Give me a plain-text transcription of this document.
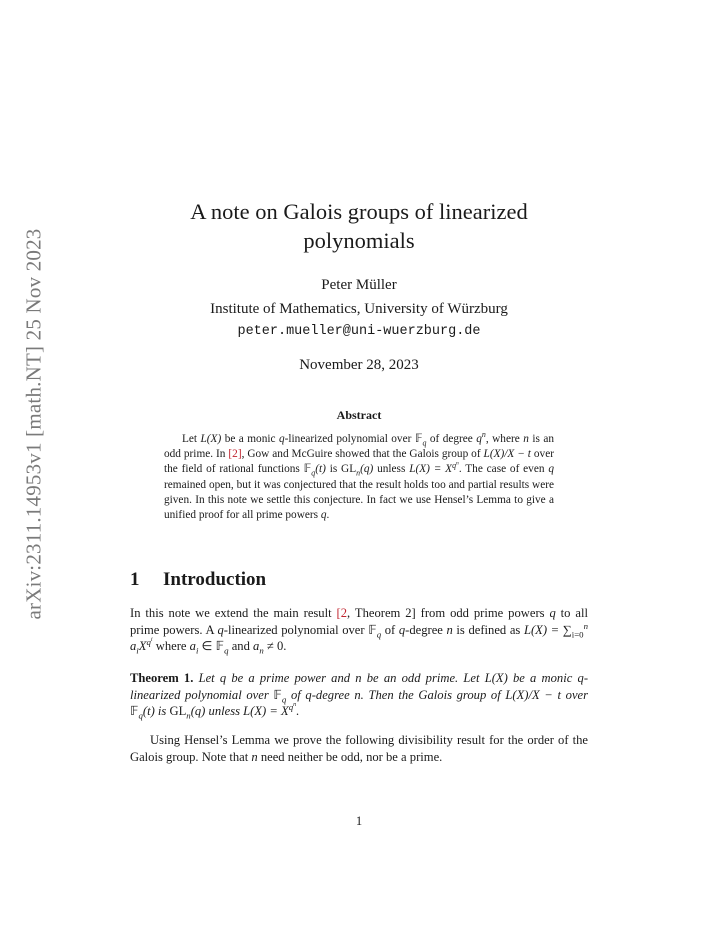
arXiv:2311.14953v1 [math.NT] 25 Nov 2023
A note on Galois groups of linearized
polynomials
Peter Müller
Institute of Mathematics, University of Würzburg
peter.mueller@uni-wuerzburg.de
November 28, 2023
Abstract

Let L(X) be a monic q-linearized polynomial over 𝔽$_q$ of degree $q^n$, where n is an odd prime. In [2], Gow and McGuire showed that the Galois group of L(X)/X − t over the field of rational functions 𝔽$_q$(t) is $GL_n(q)$ unless $L(X) = X^{q^n}$. The case of even q remained open, but it was conjectured that the result holds too and partial results were given. In this note we settle this conjecture. In fact we use Hensel’s Lemma to give a unified proof for all prime powers q.

1 Introduction

In this note we extend the main result [2, Theorem 2] from odd prime powers q to all prime powers. A q-linearized polynomial over 𝔽$_q$ of q-degree n is defined as $L(X) = \sum_{i=0}^n$ $a_iX^{q^i}$ where $a_i$ ∈ 𝔽$_q$ and $a_n \ne 0$.

Theorem 1. Let q be a prime power and n be an odd prime. Let L(X) be a monic q-linearized polynomial over 𝔽$_q$ of q-degree n. Then the Galois group of L(X)/X − t over 𝔽$_q$(t) is $GL_n(q)$ unless $L(X) = X^{q^n}$.

Using Hensel’s Lemma we prove the following divisibility result for the order of the Galois group. Note that n need neither be odd, nor be a prime.

1
